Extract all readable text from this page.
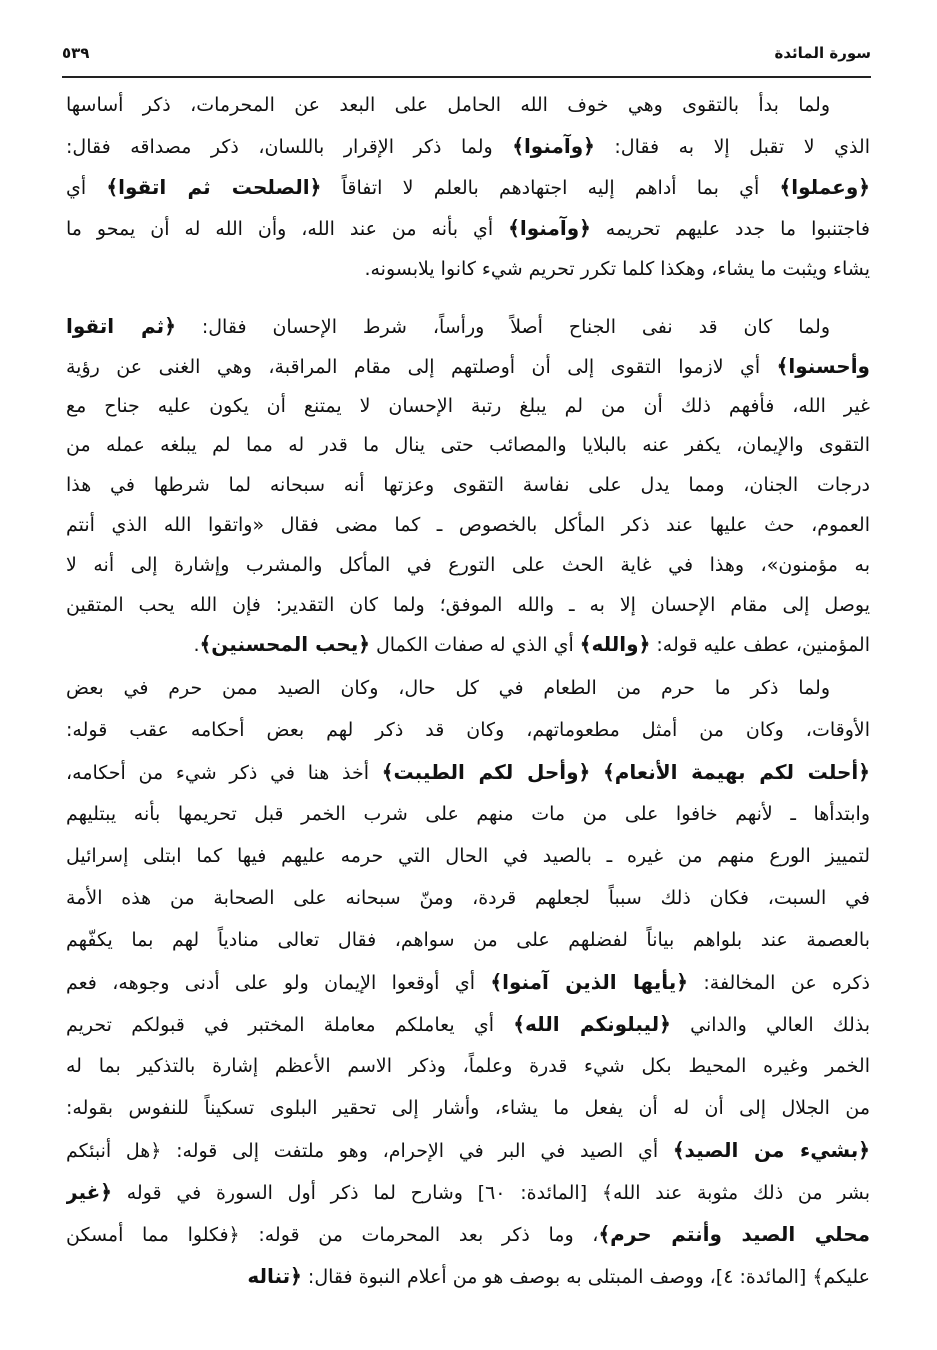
سورة المائدة
٥٣٩
ولما بدأ بالتقوى وهي خوف الله الحامل على البعد عن المحرمات، ذكر أساسها
الذي لا تقبل إلا به فقال: ﴿وآمنوا﴾ ولما ذكر الإقرار باللسان، ذكر مصداقه فقال:
﴿وعملوا﴾ أي بما أداهم إليه اجتهادهم بالعلم لا اتفاقاً ﴿الصلحت ثم اتقوا﴾ أي
فاجتنبوا ما جدد عليهم تحريمه ﴿وآمنوا﴾ أي بأنه من عند الله، وأن الله له أن يمحو ما
يشاء ويثبت ما يشاء، وهكذا كلما تكرر تحريم شيء كانوا يلابسونه.
ولما كان قد نفى الجناح أصلاً ورأساً، شرط الإحسان فقال: ﴿ثم اتقوا
وأحسنوا﴾ أي لازموا التقوى إلى أن أوصلتهم إلى مقام المراقبة، وهي الغنى عن رؤية
غير الله، فأفهم ذلك أن من لم يبلغ رتبة الإحسان لا يمتنع أن يكون عليه جناح مع
التقوى والإيمان، يكفر عنه بالبلايا والمصائب حتى ينال ما قدر له مما لم يبلغه عمله من
درجات الجنان، ومما يدل على نفاسة التقوى وعزتها أنه سبحانه لما شرطها في هذا
العموم، حث عليها عند ذكر المأكل بالخصوص ـ كما مضى فقال «واتقوا الله الذي أنتم
به مؤمنون»، وهذا في غاية الحث على التورع في المأكل والمشرب وإشارة إلى أنه لا
يوصل إلى مقام الإحسان إلا به ـ والله الموفق؛ ولما كان التقدير: فإن الله يحب المتقين
المؤمنين، عطف عليه قوله: ﴿والله﴾ أي الذي له صفات الكمال ﴿يحب المحسنين﴾.
ولما ذكر ما حرم من الطعام في كل حال، وكان الصيد ممن حرم في بعض
الأوقات، وكان من أمثل مطعوماتهم، وكان قد ذكر لهم بعض أحكامه عقب قوله:
﴿أحلت لكم بهيمة الأنعام﴾ ﴿وأحل لكم الطيبت﴾ أخذ هنا في ذكر شيء من أحكامه،
وابتدأها ـ لأنهم خافوا على من مات منهم على شرب الخمر قبل تحريمها بأنه يبتليهم
لتمييز الورع منهم من غيره ـ بالصيد في الحال التي حرمه عليهم فيها كما ابتلى إسرائيل
في السبت، فكان ذلك سبباً لجعلهم قردة، ومنّ سبحانه على الصحابة من هذه الأمة
بالعصمة عند بلواهم بياناً لفضلهم على من سواهم، فقال تعالى منادياً لهم بما يكفّهم
ذكره عن المخالفة: ﴿يأيها الذين آمنوا﴾ أي أوقعوا الإيمان ولو على أدنى وجوهه، فعم
بذلك العالي والداني ﴿ليبلونكم الله﴾ أي يعاملكم معاملة المختبر في قبولكم تحريم
الخمر وغيره المحيط بكل شيء قدرة وعلماً، وذكر الاسم الأعظم إشارة بالتذكير بما له
من الجلال إلى أن له أن يفعل ما يشاء، وأشار إلى تحقير البلوى تسكيناً للنفوس بقوله:
﴿بشيء من الصيد﴾ أي الصيد في البر في الإحرام، وهو ملتفت إلى قوله: ﴿هل أنبئكم
بشر من ذلك مثوبة عند الله﴾ [المائدة: ٦٠] وشارح لما ذكر أول السورة في قوله ﴿غير
محلي الصيد وأنتم حرم﴾، وما ذكر بعد المحرمات من قوله: ﴿فكلوا مما أمسكن
عليكم﴾ [المائدة: ٤]، ووصف المبتلى به بوصف هو من أعلام النبوة فقال: ﴿تناله
